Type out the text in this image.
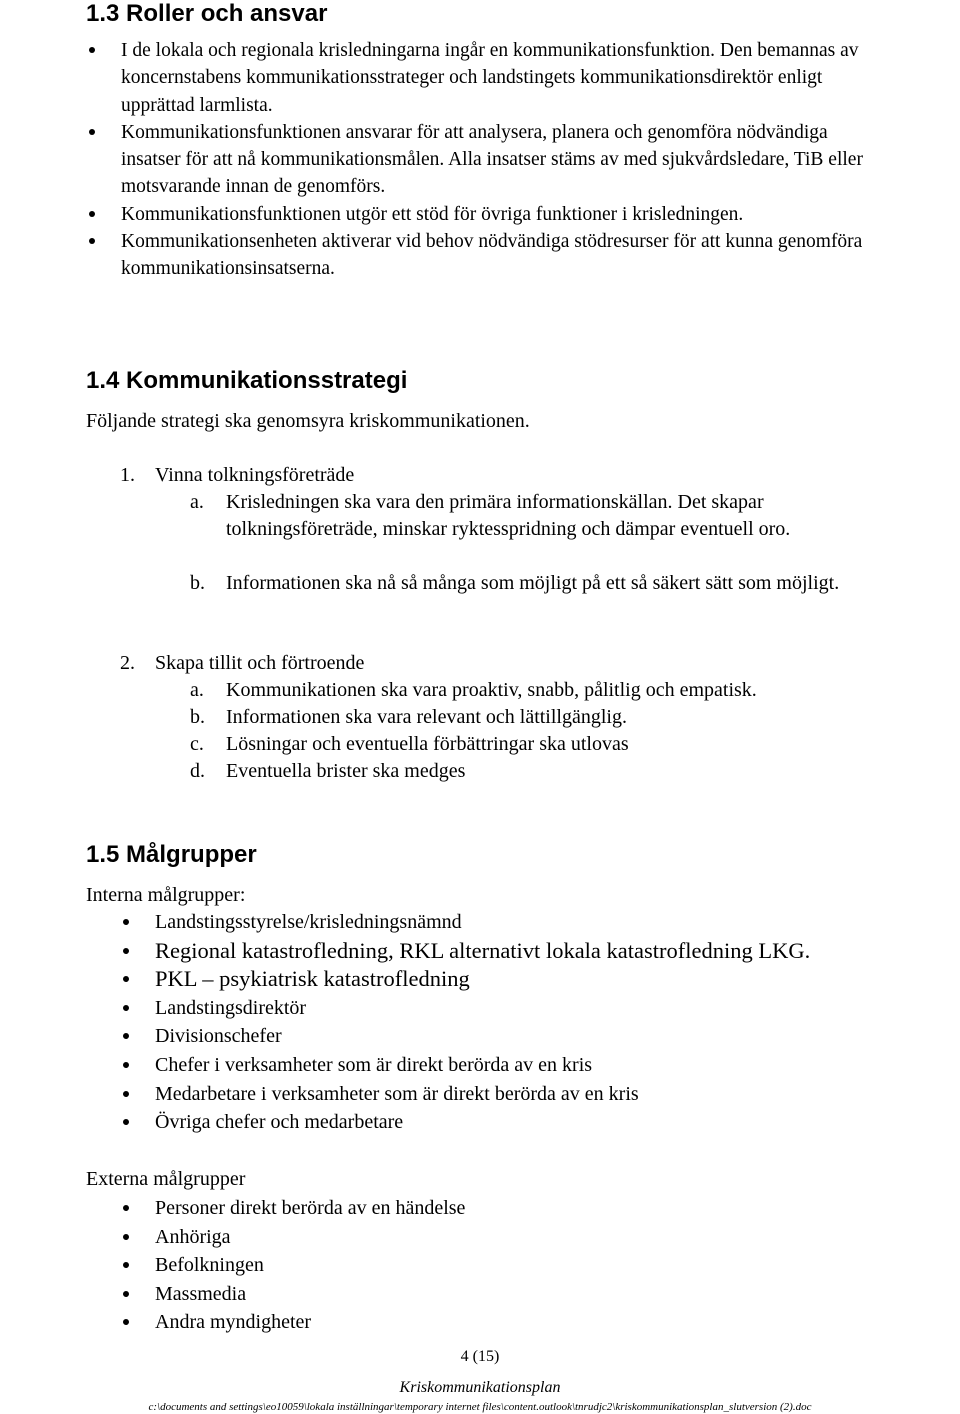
1.3 Roller och ansvar
I de lokala och regionala krisledningarna ingår en kommunikationsfunktion. Den bemannas av koncernstabens kommunikationsstrateger och landstingets kommunikationsdirektör enligt upprättad larmlista.
Kommunikationsfunktionen ansvarar för att analysera, planera och genomföra nödvändiga insatser för att nå kommunikationsmålen. Alla insatser stäms av med sjukvårdsledare, TiB eller motsvarande innan de genomförs.
Kommunikationsfunktionen utgör ett stöd för övriga funktioner i krisledningen.
Kommunikationsenheten aktiverar vid behov nödvändiga stödresurser för att kunna genomföra kommunikationsinsatserna.
1.4 Kommunikationsstrategi

Följande strategi ska genomsyra kriskommunikationen.

1. Vinna tolkningsföreträde
a. Krisledningen ska vara den primära informationskällan. Det skapar tolkningsföreträde, minskar ryktesspridning och dämpar eventuell oro.
b. Informationen ska nå så många som möjligt på ett så säkert sätt som möjligt.
2. Skapa tillit och förtroende
a. Kommunikationen ska vara proaktiv, snabb, pålitlig och empatisk.
b. Informationen ska vara relevant och lättillgänglig.
c. Lösningar och eventuella förbättringar ska utlovas
d. Eventuella brister ska medges
1.5 Målgrupper

Interna målgrupper:

Landstingsstyrelse/krisledningsnämnd
Regional katastrofledning, RKL alternativt lokala katastrofledning LKG.
PKL – psykiatrisk katastrofledning
Landstingsdirektör
Divisionschefer
Chefer i verksamheter som är direkt berörda av en kris
Medarbetare i verksamheter som är direkt berörda av en kris
Övriga chefer och medarbetare

Externa målgrupper

Personer direkt berörda av en händelse
Anhöriga
Befolkningen
Massmedia
Andra myndigheter
4 (15)
Kriskommunikationsplan
c:\documents and settings\eo10059\lokala inställningar\temporary internet files\content.outlook\tnrudjc2\kriskommunikationsplan_slutversion (2).doc
